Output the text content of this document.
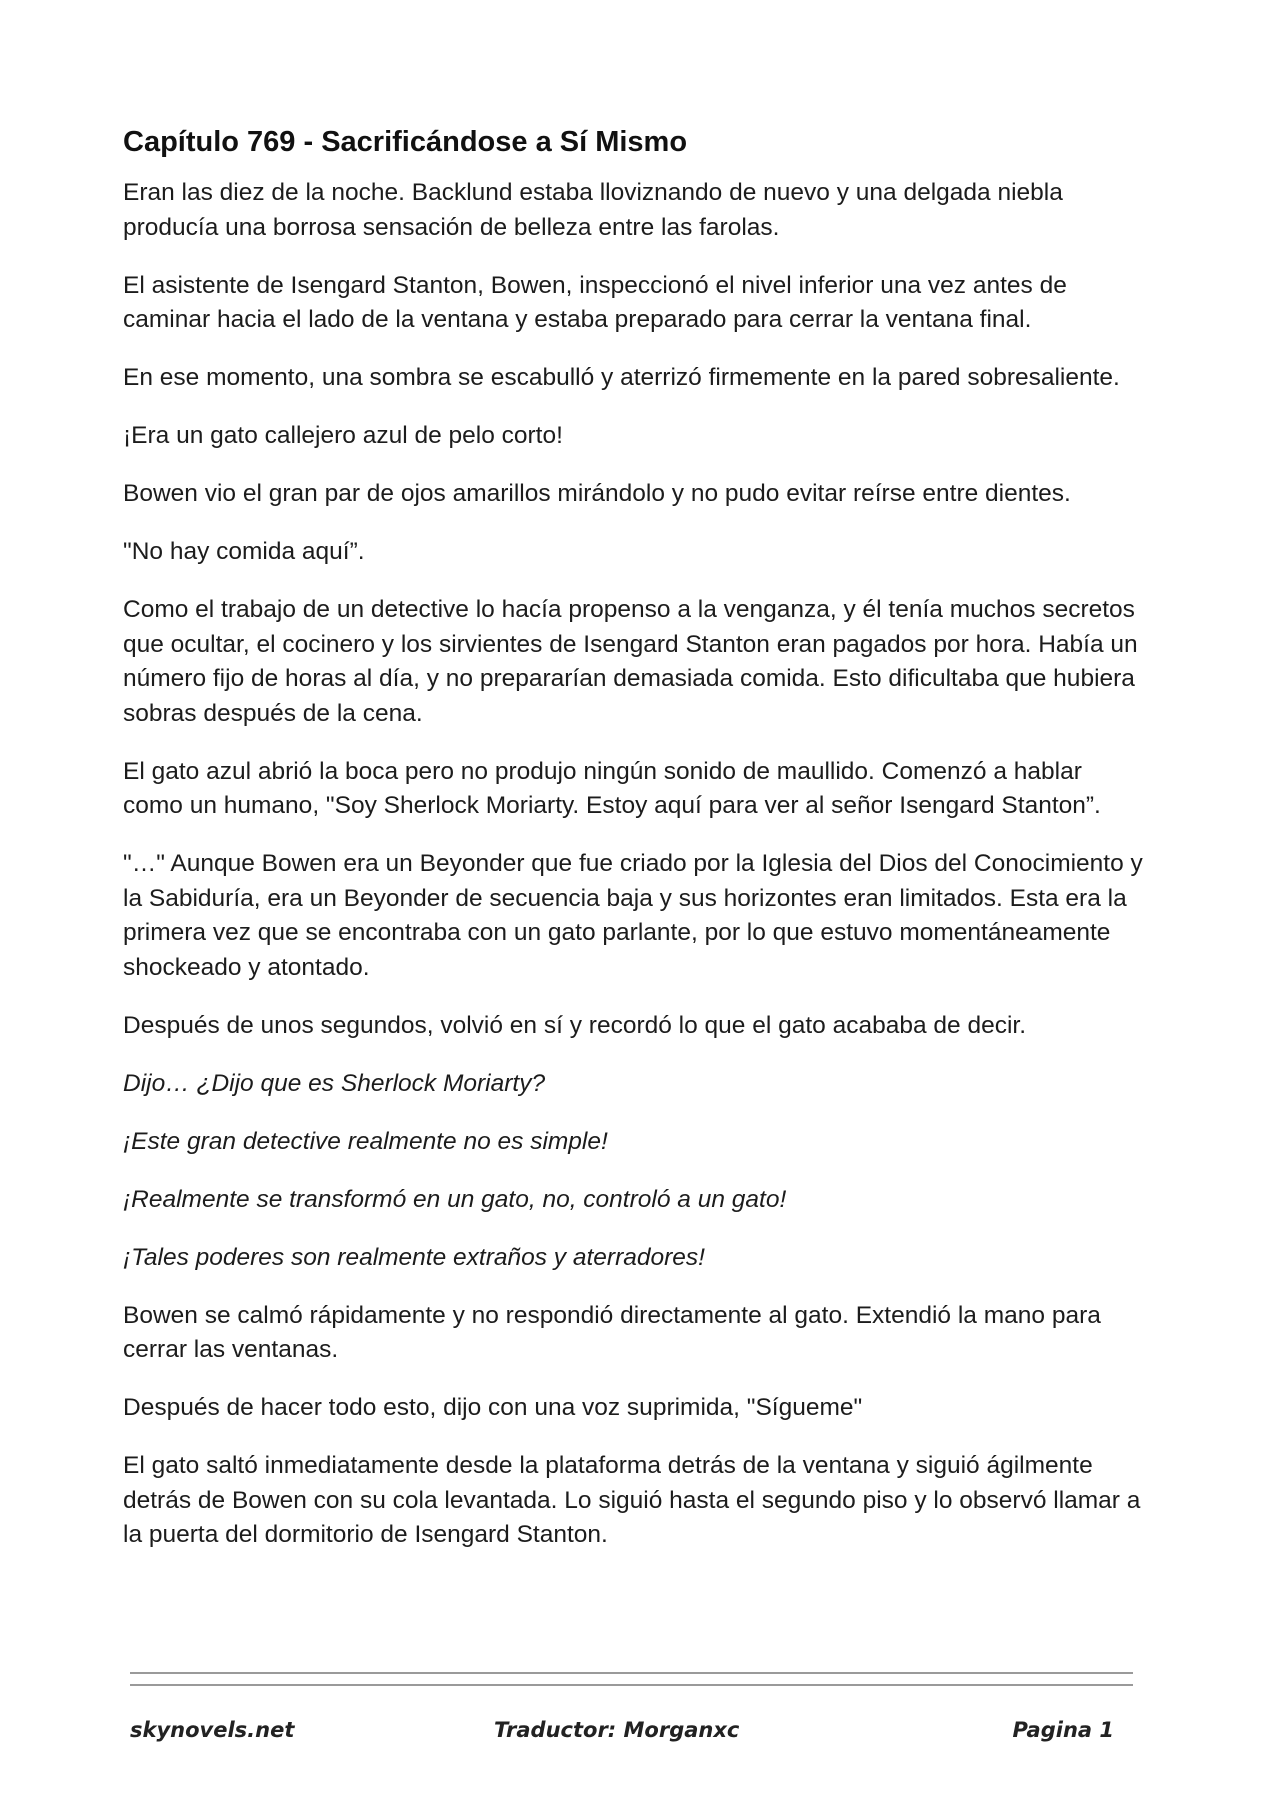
Capítulo 769 - Sacrificándose a Sí Mismo

Eran las diez de la noche. Backlund estaba lloviznando de nuevo y una delgada niebla producía una borrosa sensación de belleza entre las farolas.

El asistente de Isengard Stanton, Bowen, inspeccionó el nivel inferior una vez antes de caminar hacia el lado de la ventana y estaba preparado para cerrar la ventana final.

En ese momento, una sombra se escabulló y aterrizó firmemente en la pared sobresaliente.

¡Era un gato callejero azul de pelo corto!

Bowen vio el gran par de ojos amarillos mirándolo y no pudo evitar reírse entre dientes.

"No hay comida aquí”.

Como el trabajo de un detective lo hacía propenso a la venganza, y él tenía muchos secretos que ocultar, el cocinero y los sirvientes de Isengard Stanton eran pagados por hora. Había un número fijo de horas al día, y no prepararían demasiada comida. Esto dificultaba que hubiera sobras después de la cena.

El gato azul abrió la boca pero no produjo ningún sonido de maullido. Comenzó a hablar como un humano, "Soy Sherlock Moriarty. Estoy aquí para ver al señor Isengard Stanton”.

"…" Aunque Bowen era un Beyonder que fue criado por la Iglesia del Dios del Conocimiento y la Sabiduría, era un Beyonder de secuencia baja y sus horizontes eran limitados. Esta era la primera vez que se encontraba con un gato parlante, por lo que estuvo momentáneamente shockeado y atontado.

Después de unos segundos, volvió en sí y recordó lo que el gato acababa de decir.

Dijo… ¿Dijo que es Sherlock Moriarty?

¡Este gran detective realmente no es simple!

¡Realmente se transformó en un gato, no, controló a un gato!

¡Tales poderes son realmente extraños y aterradores!

Bowen se calmó rápidamente y no respondió directamente al gato. Extendió la mano para cerrar las ventanas.

Después de hacer todo esto, dijo con una voz suprimida, "Sígueme"

El gato saltó inmediatamente desde la plataforma detrás de la ventana y siguió ágilmente detrás de Bowen con su cola levantada. Lo siguió hasta el segundo piso y lo observó llamar a la puerta del dormitorio de Isengard Stanton.

skynovels.net	Traductor: Morganxc	Pagina 1
